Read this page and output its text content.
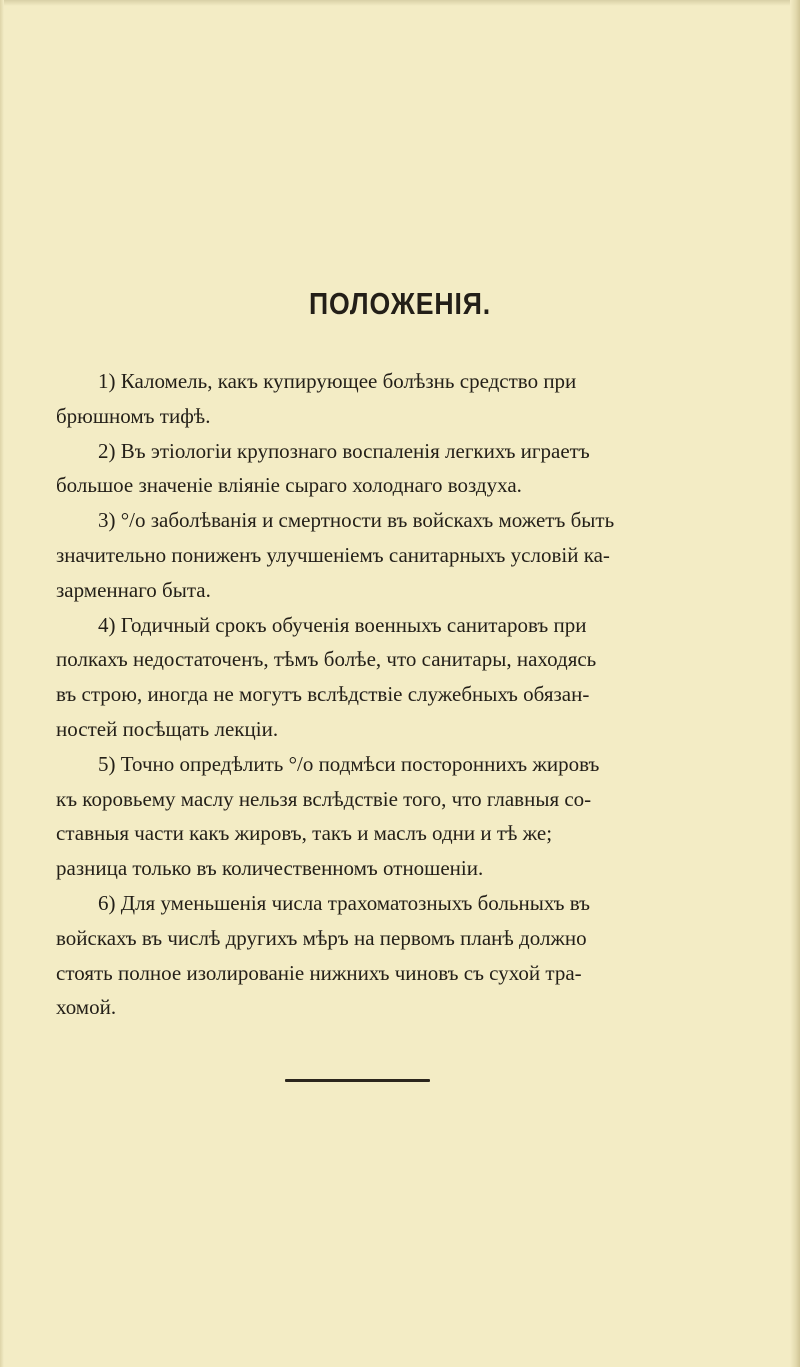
ПОЛОЖЕНІЯ.
1) Каломель, какъ купирующее болѣзнь средство при
брюшномъ тифѣ.
2) Въ этіологіи крупознаго воспаленія легкихъ играетъ
большое значеніе вліяніе сыраго холоднаго воздуха.
3) °/o заболѣванія и смертности въ войскахъ можетъ быть
значительно пониженъ улучшеніемъ санитарныхъ условій ка-
зарменнаго быта.
4) Годичный срокъ обученія военныхъ санитаровъ при
полкахъ недостаточенъ, тѣмъ болѣе, что санитары, находясь
въ строю, иногда не могутъ вслѣдствіе служебныхъ обязан-
ностей посѣщать лекціи.
5) Точно опредѣлить °/o подмѣси постороннихъ жировъ
къ коровьему маслу нельзя вслѣдствіе того, что главныя со-
ставныя части какъ жировъ, такъ и маслъ одни и тѣ же;
разница только въ количественномъ отношеніи.
6) Для уменьшенія числа трахоматозныхъ больныхъ въ
войскахъ въ числѣ другихъ мѣръ на первомъ планѣ должно
стоять полное изолированіе нижнихъ чиновъ съ сухой тра-
хомой.
